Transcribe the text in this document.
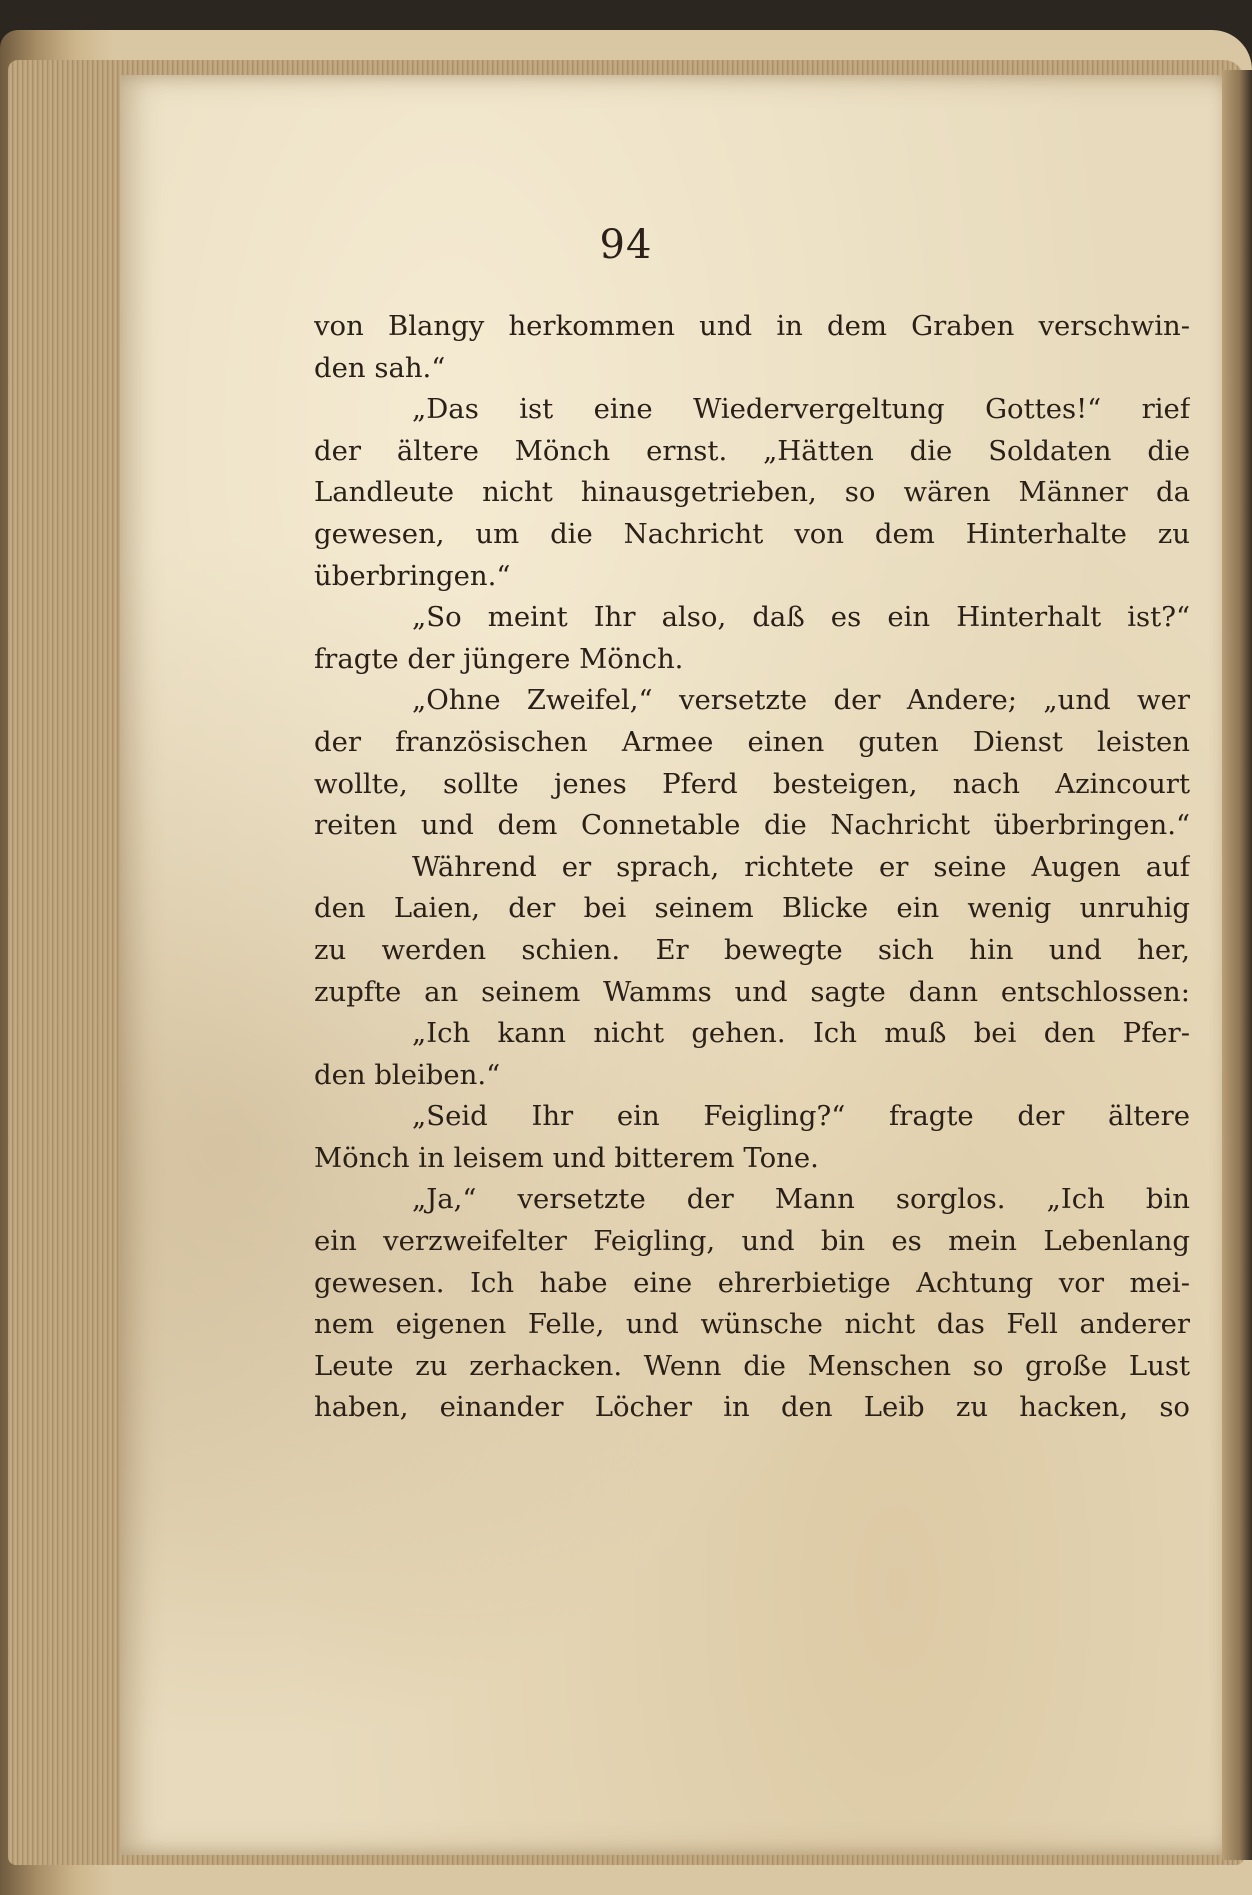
94
von Blangy herkommen und in dem Graben verschwin-
den sah.“
„Das ist eine Wiedervergeltung Gottes!“ rief
der ältere Mönch ernst. „Hätten die Soldaten die
Landleute nicht hinausgetrieben, so wären Männer da
gewesen, um die Nachricht von dem Hinterhalte zu
überbringen.“
„So meint Ihr also, daß es ein Hinterhalt ist?“
fragte der jüngere Mönch.
„Ohne Zweifel,“ versetzte der Andere; „und wer
der französischen Armee einen guten Dienst leisten
wollte, sollte jenes Pferd besteigen, nach Azincourt
reiten und dem Connetable die Nachricht überbringen.“
Während er sprach, richtete er seine Augen auf
den Laien, der bei seinem Blicke ein wenig unruhig
zu werden schien. Er bewegte sich hin und her,
zupfte an seinem Wamms und sagte dann entschlossen:
„Ich kann nicht gehen. Ich muß bei den Pfer-
den bleiben.“
„Seid Ihr ein Feigling?“ fragte der ältere
Mönch in leisem und bitterem Tone.
„Ja,“ versetzte der Mann sorglos. „Ich bin
ein verzweifelter Feigling, und bin es mein Lebenlang
gewesen. Ich habe eine ehrerbietige Achtung vor mei-
nem eigenen Felle, und wünsche nicht das Fell anderer
Leute zu zerhacken. Wenn die Menschen so große Lust
haben, einander Löcher in den Leib zu hacken, so
